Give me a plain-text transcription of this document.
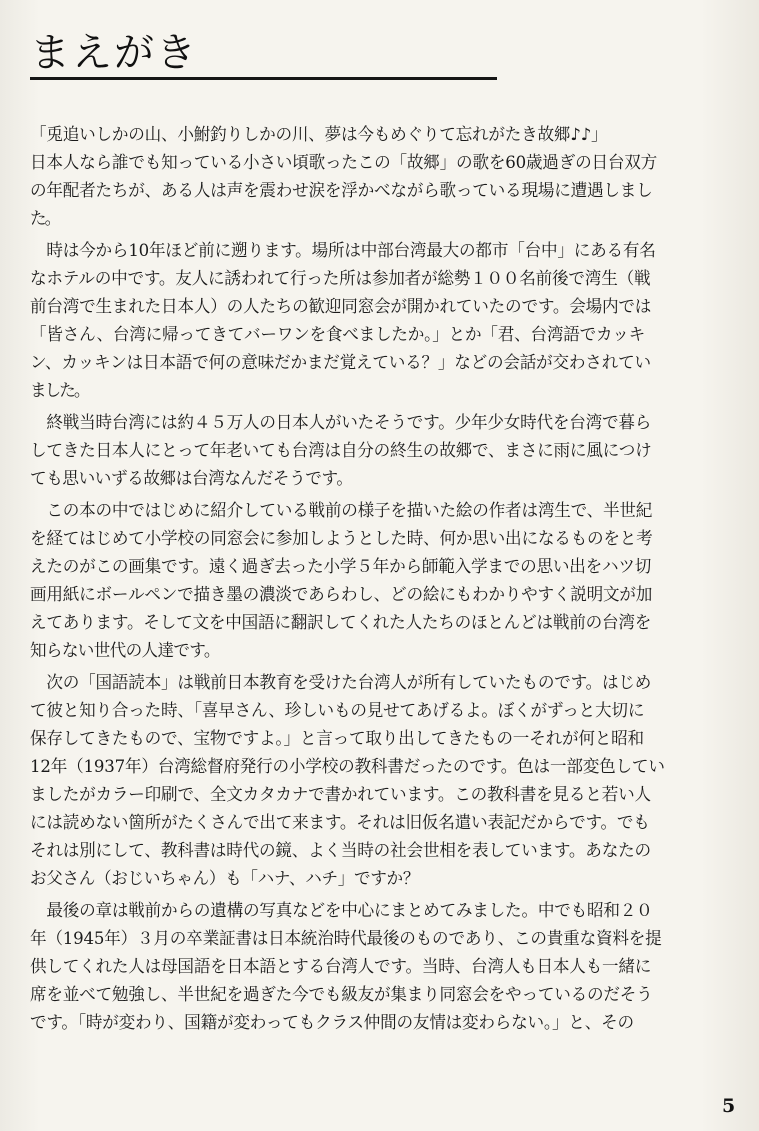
まえがき
「兎追いしかの山、小鮒釣りしかの川、夢は今もめぐりて忘れがたき故郷♪♪」
日本人なら誰でも知っている小さい頃歌ったこの「故郷」の歌を60歳過ぎの日台双方
の年配者たちが、ある人は声を震わせ涙を浮かべながら歌っている現場に遭遇しまし
た。
　時は今から10年ほど前に遡ります。場所は中部台湾最大の都市「台中」にある有名
なホテルの中です。友人に誘われて行った所は参加者が総勢１００名前後で湾生（戦
前台湾で生まれた日本人）の人たちの歓迎同窓会が開かれていたのです。会場内では
「皆さん、台湾に帰ってきてバーワンを食べましたか。」とか「君、台湾語でカッキ
ン、カッキンは日本語で何の意味だかまだ覚えている？」などの会話が交わされてい
ました。
　終戦当時台湾には約４５万人の日本人がいたそうです。少年少女時代を台湾で暮ら
してきた日本人にとって年老いても台湾は自分の終生の故郷で、まさに雨に風につけ
ても思いいずる故郷は台湾なんだそうです。
　この本の中ではじめに紹介している戦前の様子を描いた絵の作者は湾生で、半世紀
を経てはじめて小学校の同窓会に参加しようとした時、何か思い出になるものをと考
えたのがこの画集です。遠く過ぎ去った小学５年から師範入学までの思い出をハツ切
画用紙にボールペンで描き墨の濃淡であらわし、どの絵にもわかりやすく説明文が加
えてあります。そして文を中国語に翻訳してくれた人たちのほとんどは戦前の台湾を
知らない世代の人達です。
　次の「国語読本」は戦前日本教育を受けた台湾人が所有していたものです。はじめ
て彼と知り合った時、「喜早さん、珍しいもの見せてあげるよ。ぼくがずっと大切に
保存してきたもので、宝物ですよ。」と言って取り出してきたもの一それが何と昭和
12年（1937年）台湾総督府発行の小学校の教科書だったのです。色は一部変色してい
ましたがカラー印刷で、全文カタカナで書かれています。この教科書を見ると若い人
には読めない箇所がたくさんで出て来ます。それは旧仮名遣い表記だからです。でも
それは別にして、教科書は時代の鏡、よく当時の社会世相を表しています。あなたの
お父さん（おじいちゃん）も「ハナ、ハチ」ですか？
　最後の章は戦前からの遺構の写真などを中心にまとめてみました。中でも昭和２０
年（1945年）３月の卒業証書は日本統治時代最後のものであり、この貴重な資料を提
供してくれた人は母国語を日本語とする台湾人です。当時、台湾人も日本人も一緒に
席を並べて勉強し、半世紀を過ぎた今でも級友が集まり同窓会をやっているのだそう
です。「時が変わり、国籍が変わってもクラス仲間の友情は変わらない。」と、その
5
